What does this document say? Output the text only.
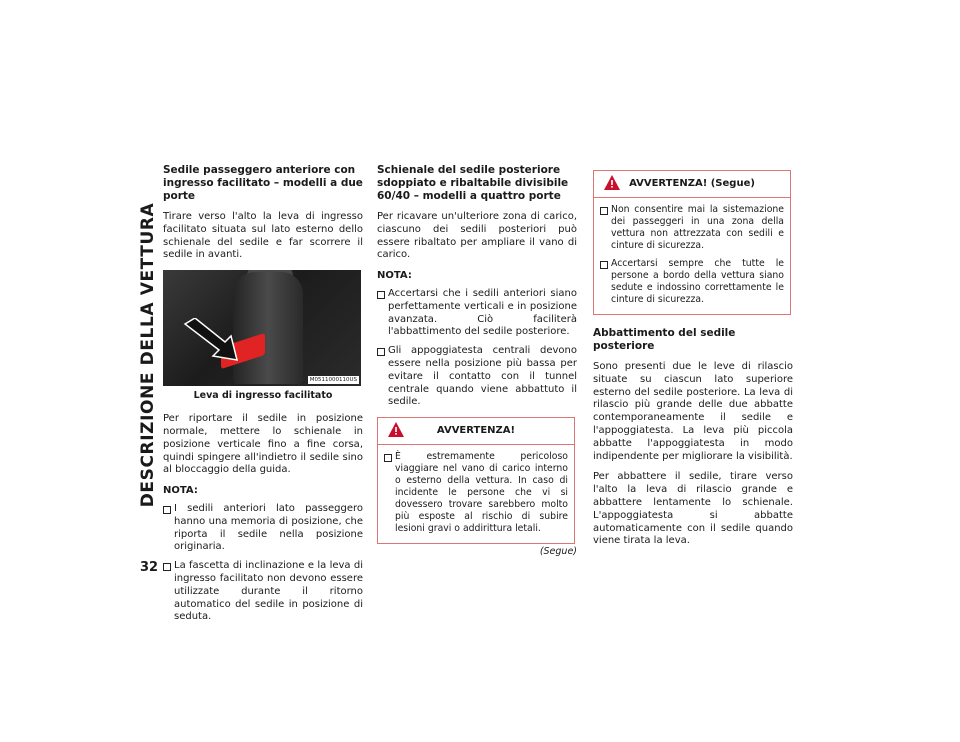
DESCRIZIONE DELLA VETTURA
32
Sedile passeggero anteriore con ingresso facilitato – modelli a due porte

Tirare verso l'alto la leva di ingresso facilitato situata sul lato esterno dello schienale del sedile e far scorrere il sedile in avanti.

M0511000110US
Leva di ingresso facilitato

Per riportare il sedile in posizione normale, mettere lo schienale in posizione verticale fino a fine corsa, quindi spingere all'indietro il sedile sino al bloccaggio della guida.

NOTA:
I sedili anteriori lato passeggero hanno una memoria di posizione, che riporta il sedile nella posizione originaria.
La fascetta di inclinazione e la leva di ingresso facilitato non devono essere utilizzate durante il ritorno automatico del sedile in posizione di seduta.
Schienale del sedile posteriore sdoppiato e ribaltabile divisibile 60/40 – modelli a quattro porte

Per ricavare un'ulteriore zona di carico, ciascuno dei sedili posteriori può essere ribaltato per ampliare il vano di carico.

NOTA:
Accertarsi che i sedili anteriori siano perfettamente verticali e in posizione avanzata. Ciò faciliterà l'abbattimento del sedile posteriore.
Gli appoggiatesta centrali devono essere nella posizione più bassa per evitare il contatto con il tunnel centrale quando viene abbattuto il sedile.
AVVERTENZA!
È estremamente pericoloso viaggiare nel vano di carico interno o esterno della vettura. In caso di incidente le persone che vi si dovessero trovare sarebbero molto più esposte al rischio di subire lesioni gravi o addirittura letali.
(Segue)
AVVERTENZA! (Segue)
Non consentire mai la sistemazione dei passeggeri in una zona della vettura non attrezzata con sedili e cinture di sicurezza.
Accertarsi sempre che tutte le persone a bordo della vettura siano sedute e indossino correttamente le cinture di sicurezza.
Abbattimento del sedile posteriore

Sono presenti due le leve di rilascio situate su ciascun lato superiore esterno del sedile posteriore. La leva di rilascio più grande delle due abbatte contemporaneamente il sedile e l'appoggiatesta. La leva più piccola abbatte l'appoggiatesta in modo indipendente per migliorare la visibilità.

Per abbattere il sedile, tirare verso l'alto la leva di rilascio grande e abbattere lentamente lo schienale. L'appoggiatesta si abbatte automaticamente con il sedile quando viene tirata la leva.
